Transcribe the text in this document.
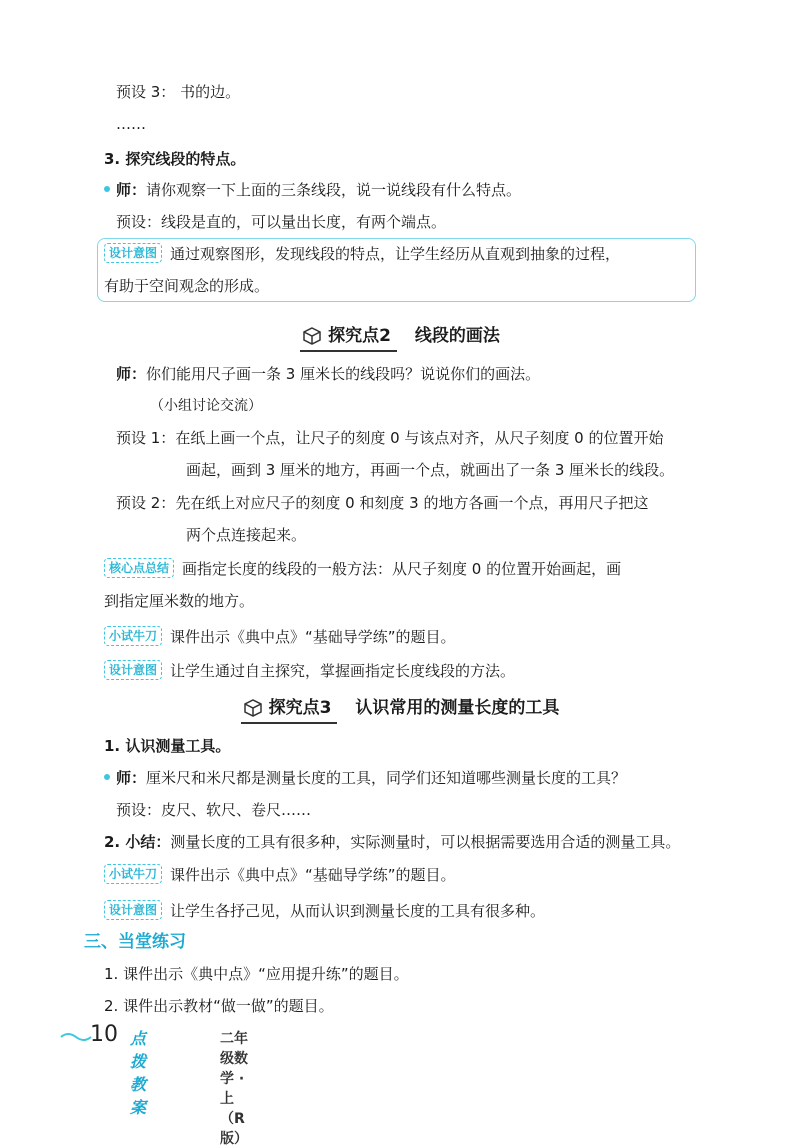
预设 3： 书的边。
……
3. 探究线段的特点。
师：请你观察一下上面的三条线段，说一说线段有什么特点。
预设：线段是直的，可以量出长度，有两个端点。
设计意图 通过观察图形，发现线段的特点，让学生经历从直观到抽象的过程，
有助于空间观念的形成。
探究点2 线段的画法
师：你们能用尺子画一条 3 厘米长的线段吗？说说你们的画法。
（小组讨论交流）
预设 1：在纸上画一个点，让尺子的刻度 0 与该点对齐，从尺子刻度 0 的位置开始
画起，画到 3 厘米的地方，再画一个点，就画出了一条 3 厘米长的线段。
预设 2：先在纸上对应尺子的刻度 0 和刻度 3 的地方各画一个点，再用尺子把这
两个点连接起来。
核心点总结 画指定长度的线段的一般方法：从尺子刻度 0 的位置开始画起，画
到指定厘米数的地方。
小试牛刀 课件出示《典中点》“基础导学练”的题目。
设计意图 让学生通过自主探究，掌握画指定长度线段的方法。
探究点3 认识常用的测量长度的工具
1. 认识测量工具。
师：厘米尺和米尺都是测量长度的工具，同学们还知道哪些测量长度的工具？
预设：皮尺、软尺、卷尺……
2. 小结：测量长度的工具有很多种，实际测量时，可以根据需要选用合适的测量工具。
小试牛刀 课件出示《典中点》“基础导学练”的题目。
设计意图 让学生各抒己见，从而认识到测量长度的工具有很多种。
三、当堂练习
1. 课件出示《典中点》“应用提升练”的题目。
2. 课件出示教材“做一做”的题目。
10 点拨教案
二年级数学 · 上（R 版）
